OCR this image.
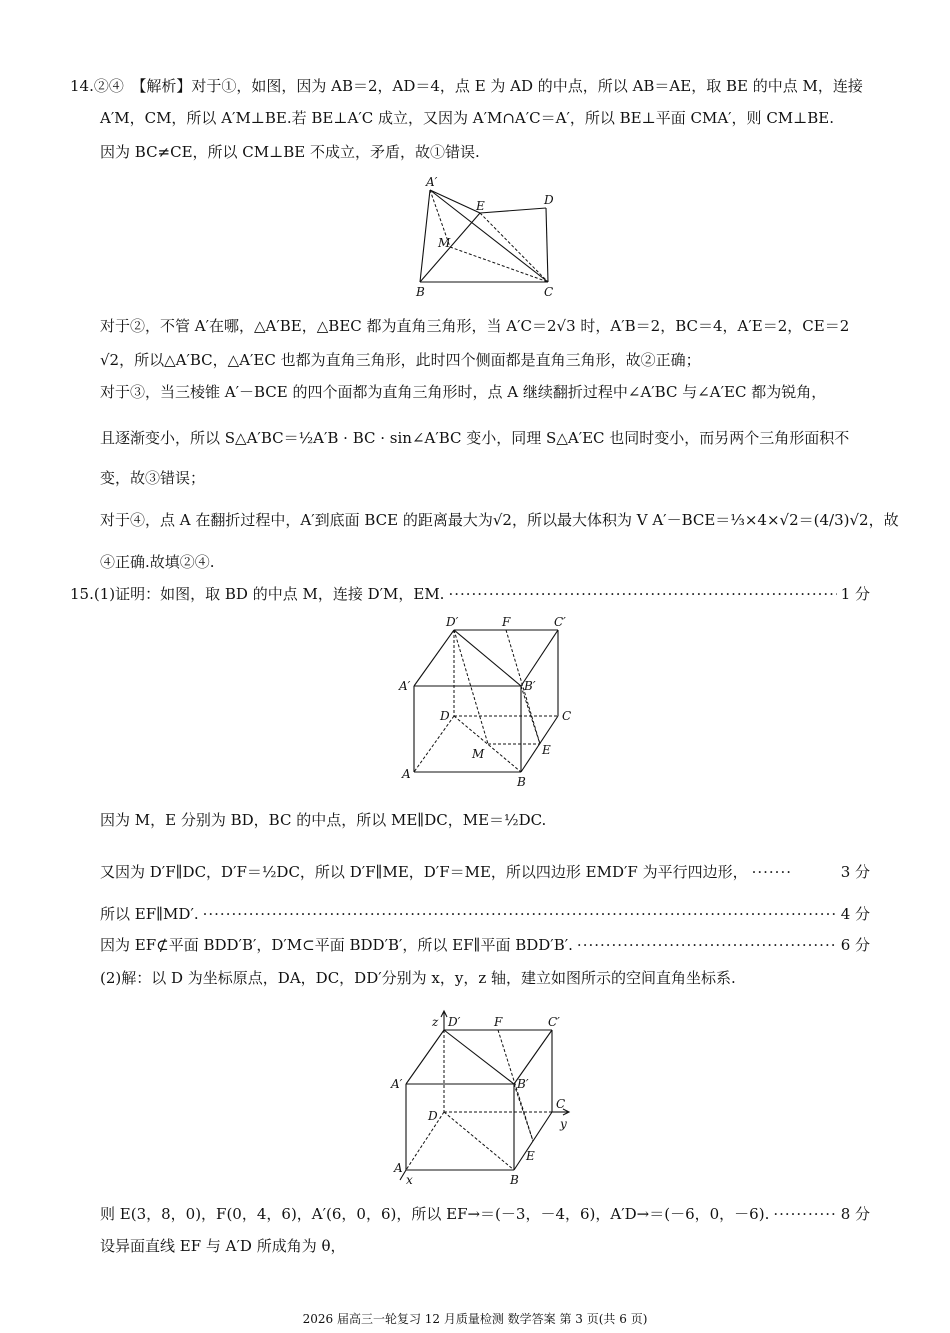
14.②④　【解析】对于①，如图，因为 AB＝2，AD＝4，点 E 为 AD 的中点，所以 AB＝AE，取 BE 的中点 M，连接
A′M，CM，所以 A′M⊥BE.若 BE⊥A′C 成立，又因为 A′M∩A′C＝A′，所以 BE⊥平面 CMA′，则 CM⊥BE.
因为 BC≠CE，所以 CM⊥BE 不成立，矛盾，故①错误.
A′
E	D
M
B	C
对于②，不管 A′在哪，△A′BE，△BEC 都为直角三角形，当 A′C＝2√3 时，A′B＝2，BC＝4，A′E＝2，CE＝2
√2，所以△A′BC，△A′EC 也都为直角三角形，此时四个侧面都是直角三角形，故②正确；
对于③，当三棱锥 A′－BCE 的四个面都为直角三角形时，点 A 继续翻折过程中∠A′BC 与∠A′EC 都为锐角，
且逐渐变小，所以 S△A′BC＝½A′B · BC · sin∠A′BC 变小，同理 S△A′EC 也同时变小，而另两个三角形面积不
变，故③错误；
对于④，点 A 在翻折过程中，A′到底面 BCE 的距离最大为√2，所以最大体积为 V A′－BCE＝⅓×4×√2＝(4/3)√2，故
④正确.故填②④.
15.(1)证明：如图，取 BD 的中点 M，连接 D′M，EM. ·····	1 分
D′	F	C′
A′	B′
D	C
M	E
A
B
因为 M，E 分别为 BD，BC 的中点，所以 ME∥DC，ME＝½DC.
又因为 D′F∥DC，D′F＝½DC，所以 D′F∥ME，D′F＝ME，所以四边形 EMD′F 为平行四边形， ·····	3 分
所以 EF∥MD′. ·····	4 分
因为 EF⊄平面 BDD′B′，D′M⊂平面 BDD′B′，所以 EF∥平面 BDD′B′. ·····	6 分
(2)解：以 D 为坐标原点，DA，DC，DD′分别为 x，y，z 轴，建立如图所示的空间直角坐标系.
z D′	F	C′
A′	B′
D
C
y
E
A
x	B
则 E(3，8，0)，F(0，4，6)，A′(6，0，6)，所以 EF→＝(－3，－4，6)，A′D→＝(－6，0，－6). ·····	8 分
设异面直线 EF 与 A′D 所成角为 θ，
2026 届高三一轮复习 12 月质量检测 数学答案 第 3 页(共 6 页)
